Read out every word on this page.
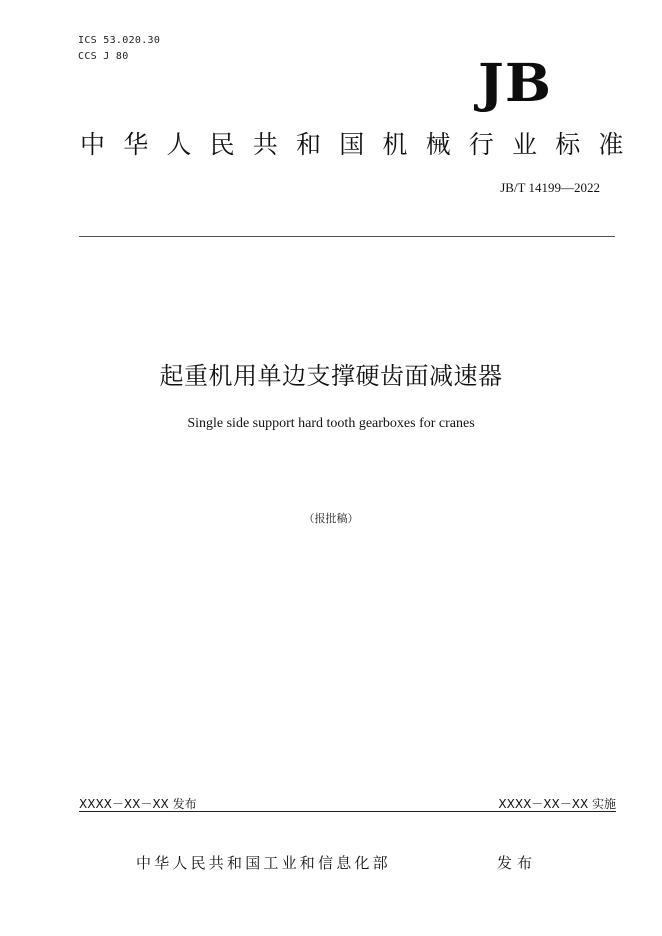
ICS 53.020.30
CCS J 80	JB
中华人民共和国机械行业标准
JB/T 14199—2022
起重机用单边支撑硬齿面减速器
Single side support hard tooth gearboxes for cranes
（报批稿）
XXXX－XX－XX 发布	XXXX－XX－XX 实施
中华人民共和国工业和信息化部	发布
